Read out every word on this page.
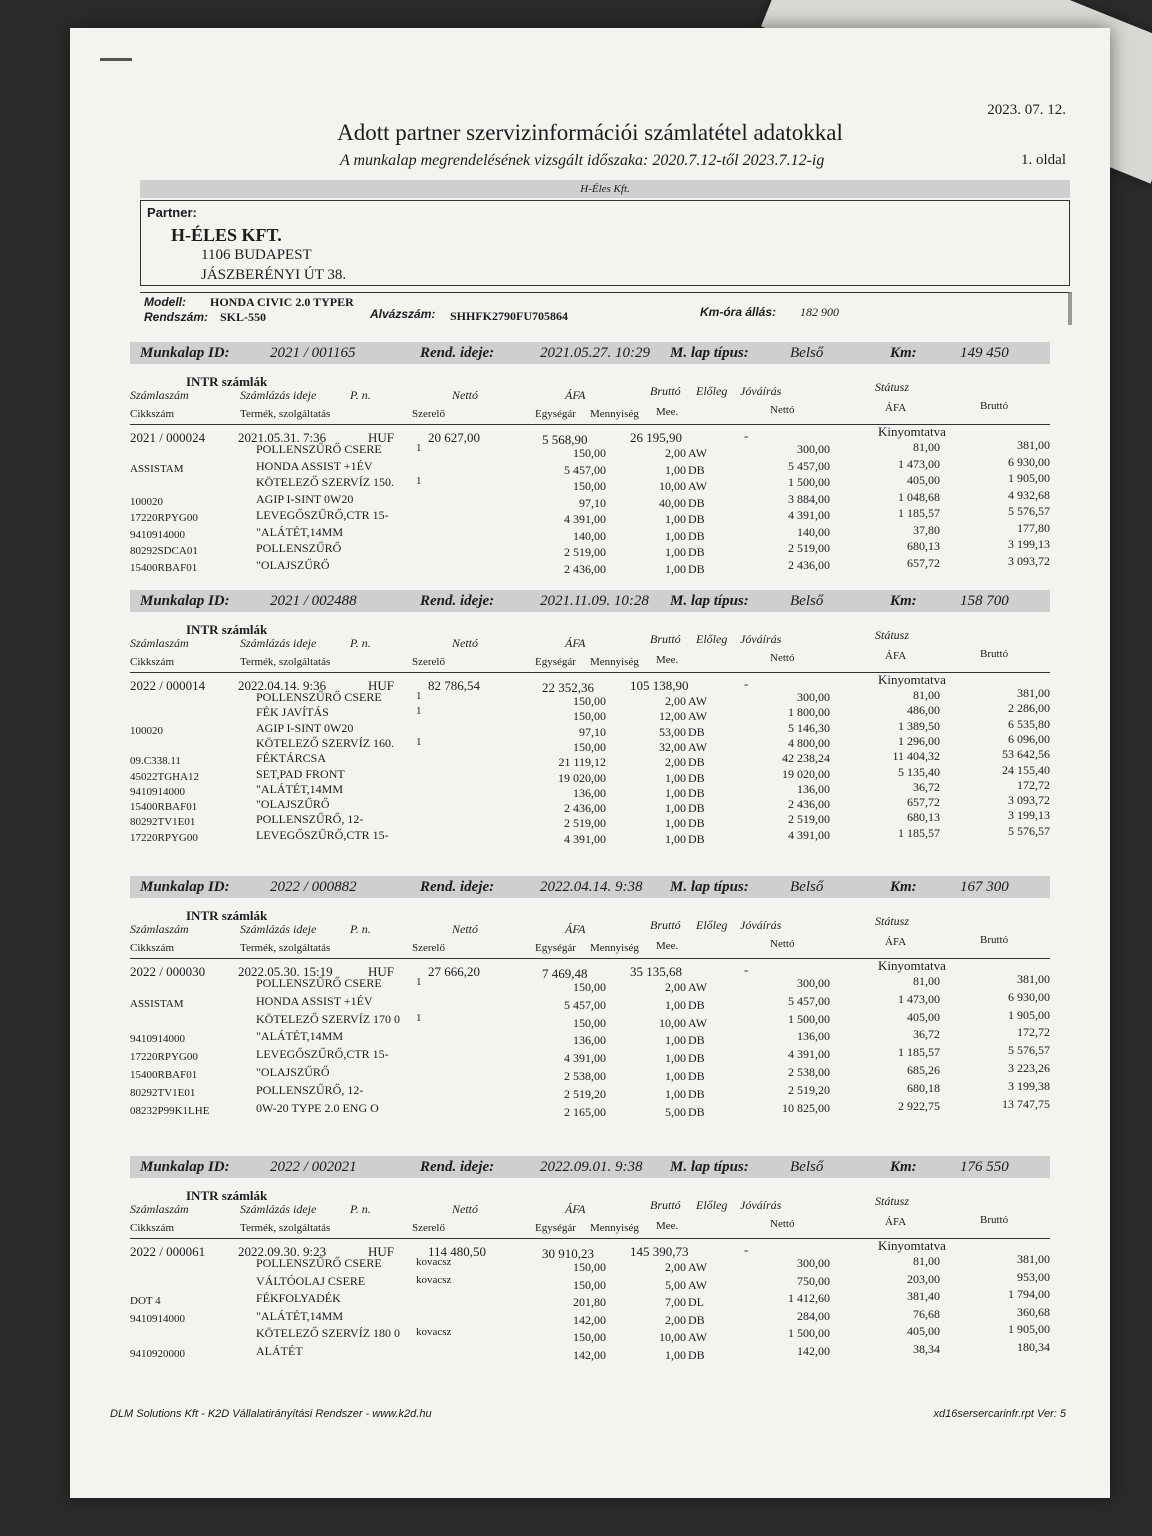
2023. 07. 12.
Adott partner szervizinformációi számlatétel adatokkal
A munkalap megrendelésének vizsgált időszaka: 2020.7.12-től 2023.7.12-ig	1. oldal
H-Éles Kft.
Partner:
H-ÉLES KFT.
1106 BUDAPEST
JÁSZBERÉNYI ÚT 38.
Modell: HONDA CIVIC 2.0 TYPER
Rendszám: SKL-550	Alvázszám: SHHFK2790FU705864	Km-óra állás: 182 900
Munkalap ID:	2021 / 001165	Rend. ideje:	2021.05.27. 10:29 M. lap típus:	Belső	Km:	149 450
INTR számlák
Számlaszám	Számlázás ideje	P. n.	Nettó	ÁFA	Bruttó Előleg Jóváírás	Státusz
Cikkszám	Termék, szolgáltatás	Szerelő	Egységár Mennyiség Mee.	Nettó	ÁFA	Bruttó
2021 / 000024	2021.05.31. 7:36	HUF	20 627,00	5 568,90	26 195,90	-	Kinyomtatva
POLLENSZŰRŐ CSERE	1	150,00	2,00 AW	300,00	81,00	381,00
ASSISTAM	HONDA ASSIST +1ÉV	5 457,00	1,00 DB	5 457,00	1 473,00	6 930,00
KÖTELEZŐ SZERVÍZ 150. 1	150,00	10,00 AW	1 500,00	405,00	1 905,00
100020	AGIP I-SINT 0W20	97,10	40,00 DB	3 884,00	1 048,68	4 932,68
17220RPYG00	LEVEGŐSZŰRŐ,CTR 15-	4 391,00	1,00 DB	4 391,00	1 185,57	5 576,57
9410914000	"ALÁTÉT,14MM	140,00	1,00 DB	140,00	37,80	177,80
80292SDCA01	POLLENSZŰRŐ	2 519,00	1,00 DB	2 519,00	680,13	3 199,13
15400RBAF01	"OLAJSZŰRŐ	2 436,00	1,00 DB	2 436,00	657,72	3 093,72
Munkalap ID:	2021 / 002488	Rend. ideje:	2021.11.09. 10:28 M. lap típus:	Belső	Km:	158 700
INTR számlák
Számlaszám	Számlázás ideje	P. n.	Nettó	ÁFA	Bruttó Előleg Jóváírás	Státusz
Cikkszám	Termék, szolgáltatás	Szerelő	Egységár Mennyiség Mee.	Nettó	ÁFA	Bruttó
2022 / 000014	2022.04.14. 9:36	HUF	82 786,54	22 352,36	105 138,90	-	Kinyomtatva
POLLENSZŰRŐ CSERE	1	150,00	2,00 AW	300,00	81,00	381,00
FÉK JAVÍTÁS	1	150,00	12,00 AW	1 800,00	486,00	2 286,00
100020	AGIP I-SINT 0W20	97,10	53,00 DB	5 146,30	1 389,50	6 535,80
KÖTELEZŐ SZERVÍZ 160. 1	150,00	32,00 AW	4 800,00	1 296,00	6 096,00
09.C338.11	FÉKTÁRCSA	21 119,12	2,00 DB	42 238,24	11 404,32	53 642,56
45022TGHA12	SET,PAD FRONT	19 020,00	1,00 DB	19 020,00	5 135,40	24 155,40
9410914000	"ALÁTÉT,14MM	136,00	1,00 DB	136,00	36,72	172,72
15400RBAF01	"OLAJSZŰRŐ	2 436,00	1,00 DB	2 436,00	657,72	3 093,72
80292TV1E01	POLLENSZŰRŐ, 12-	2 519,00	1,00 DB	2 519,00	680,13	3 199,13
17220RPYG00	LEVEGŐSZŰRŐ,CTR 15-	4 391,00	1,00 DB	4 391,00	1 185,57	5 576,57
Munkalap ID:	2022 / 000882	Rend. ideje:	2022.04.14. 9:38 M. lap típus:	Belső	Km:	167 300
INTR számlák
Számlaszám	Számlázás ideje	P. n.	Nettó	ÁFA	Bruttó Előleg Jóváírás	Státusz
Cikkszám	Termék, szolgáltatás	Szerelő	Egységár Mennyiség Mee.	Nettó	ÁFA	Bruttó
2022 / 000030	2022.05.30. 15:19	HUF	27 666,20	7 469,48	35 135,68	-	Kinyomtatva
POLLENSZŰRŐ CSERE	1	150,00	2,00 AW	300,00	81,00	381,00
ASSISTAM	HONDA ASSIST +1ÉV	5 457,00	1,00 DB	5 457,00	1 473,00	6 930,00
KÖTELEZŐ SZERVÍZ 170 0 1	150,00	10,00 AW	1 500,00	405,00	1 905,00
9410914000	"ALÁTÉT,14MM	136,00	1,00 DB	136,00	36,72	172,72
17220RPYG00	LEVEGŐSZŰRŐ,CTR 15-	4 391,00	1,00 DB	4 391,00	1 185,57	5 576,57
15400RBAF01	"OLAJSZŰRŐ	2 538,00	1,00 DB	2 538,00	685,26	3 223,26
80292TV1E01	POLLENSZŰRŐ, 12-	2 519,20	1,00 DB	2 519,20	680,18	3 199,38
08232P99K1LHE	0W-20 TYPE 2.0 ENG O	2 165,00	5,00 DB	10 825,00	2 922,75	13 747,75
Munkalap ID:	2022 / 002021	Rend. ideje:	2022.09.01. 9:38 M. lap típus:	Belső	Km:	176 550
INTR számlák
Számlaszám	Számlázás ideje	P. n.	Nettó	ÁFA	Bruttó Előleg Jóváírás	Státusz
Cikkszám	Termék, szolgáltatás	Szerelő	Egységár Mennyiség Mee.	Nettó	ÁFA	Bruttó
2022 / 000061	2022.09.30. 9:23	HUF	114 480,50	30 910,23	145 390,73	-	Kinyomtatva
POLLENSZŰRŐ CSERE	kovacsz	150,00	2,00 AW	300,00	81,00	381,00
VÁLTÓOLAJ CSERE	kovacsz	150,00	5,00 AW	750,00	203,00	953,00
DOT 4	FÉKFOLYADÉK	201,80	7,00 DL	1 412,60	381,40	1 794,00
9410914000	"ALÁTÉT,14MM	142,00	2,00 DB	284,00	76,68	360,68
KÖTELEZŐ SZERVÍZ 180 0 kovacsz	150,00	10,00 AW	1 500,00	405,00	1 905,00
9410920000	ALÁTÉT	142,00	1,00 DB	142,00	38,34	180,34
DLM Solutions Kft - K2D Vállalatirányítási Rendszer - www.k2d.hu	xd16sersercarinfr.rpt Ver: 5
